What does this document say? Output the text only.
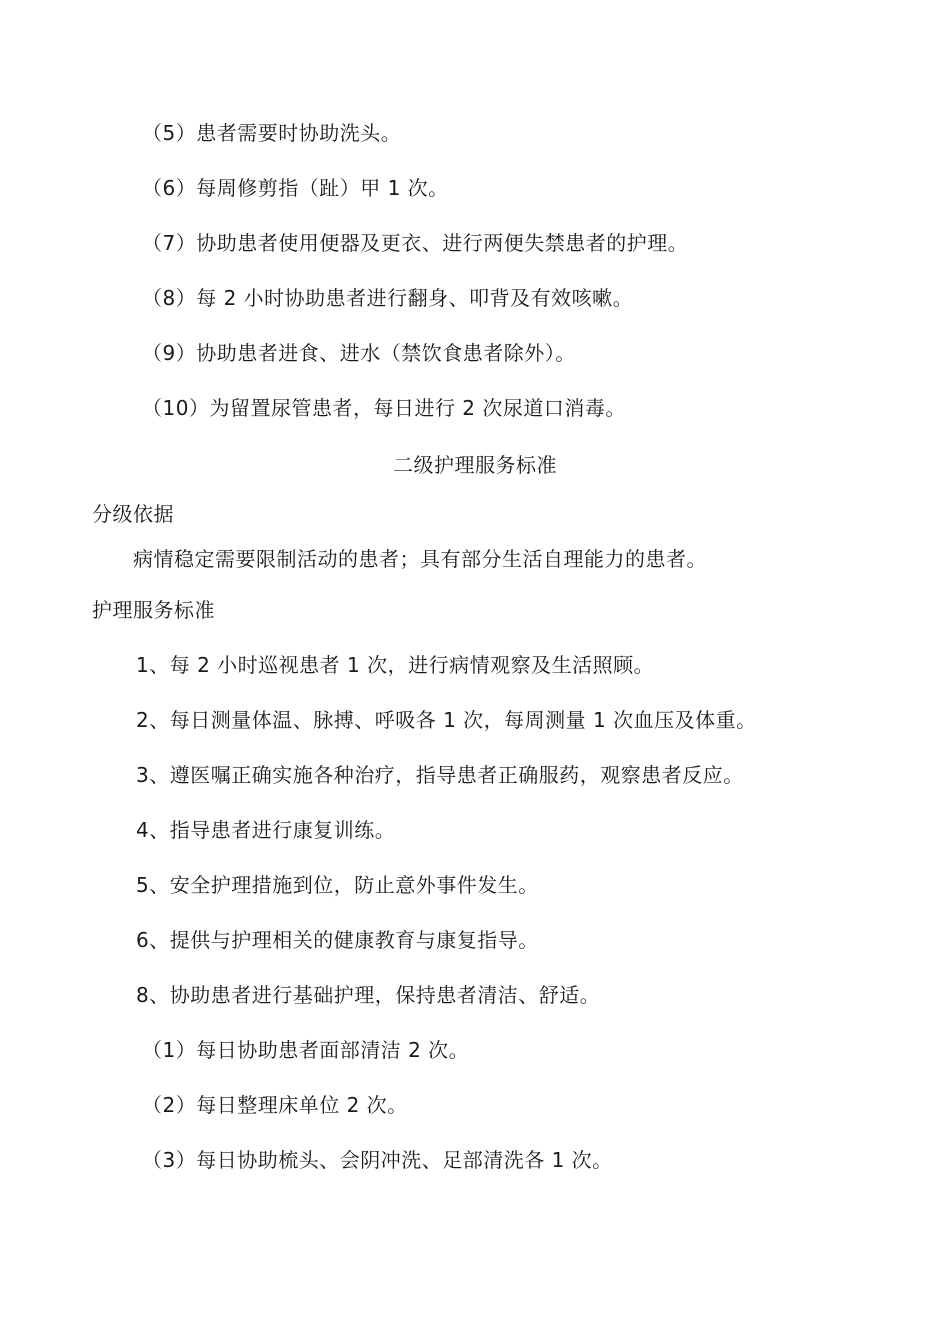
（5）患者需要时协助洗头。
（6）每周修剪指（趾）甲 1 次。
（7）协助患者使用便器及更衣、进行两便失禁患者的护理。
（8）每 2 小时协助患者进行翻身、叩背及有效咳嗽。
（9）协助患者进食、进水（禁饮食患者除外）。
（10）为留置尿管患者，每日进行 2 次尿道口消毒。
二级护理服务标准
分级依据
病情稳定需要限制活动的患者；具有部分生活自理能力的患者。
护理服务标准
1、每 2 小时巡视患者 1 次，进行病情观察及生活照顾。
2、每日测量体温、脉搏、呼吸各 1 次，每周测量 1 次血压及体重。
3、遵医嘱正确实施各种治疗，指导患者正确服药，观察患者反应。
4、指导患者进行康复训练。
5、安全护理措施到位，防止意外事件发生。
6、提供与护理相关的健康教育与康复指导。
8、协助患者进行基础护理，保持患者清洁、舒适。
（1）每日协助患者面部清洁 2 次。
（2）每日整理床单位 2 次。
（3）每日协助梳头、会阴冲洗、足部清洗各 1 次。
